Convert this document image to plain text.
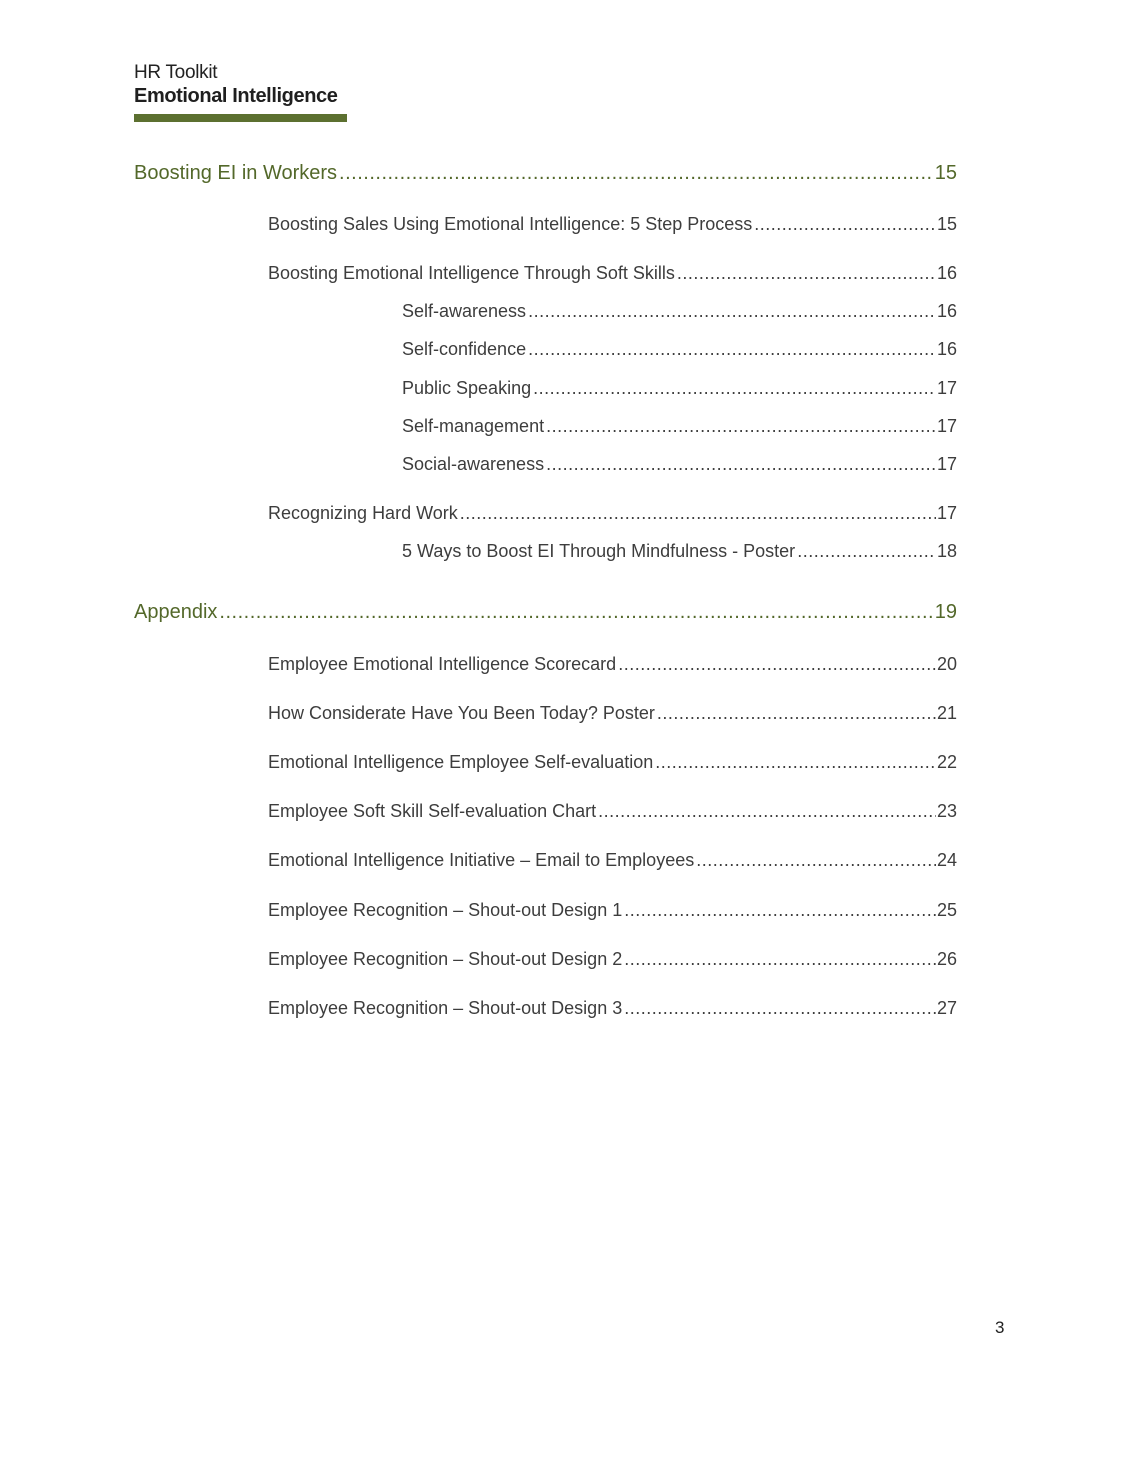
HR Toolkit
Emotional Intelligence
Boosting EI in Workers .....	15
Boosting Sales Using Emotional Intelligence: 5 Step Process .....	15
Boosting Emotional Intelligence Through Soft Skills .....	16
Self-awareness .....	16
Self-confidence .....	16
Public Speaking .....	17
Self-management .....	17
Social-awareness .....	17
Recognizing Hard Work .....	17
5 Ways to Boost EI Through Mindfulness - Poster .....	18
Appendix .....	19
Employee Emotional Intelligence Scorecard .....	20
How Considerate Have You Been Today? Poster .....	21
Emotional Intelligence Employee Self-evaluation .....	22
Employee Soft Skill Self-evaluation Chart .....	23
Emotional Intelligence Initiative – Email to Employees .....	24
Employee Recognition – Shout-out Design 1 .....	25
Employee Recognition – Shout-out Design 2 .....	26
Employee Recognition – Shout-out Design 3 .....	27
3
